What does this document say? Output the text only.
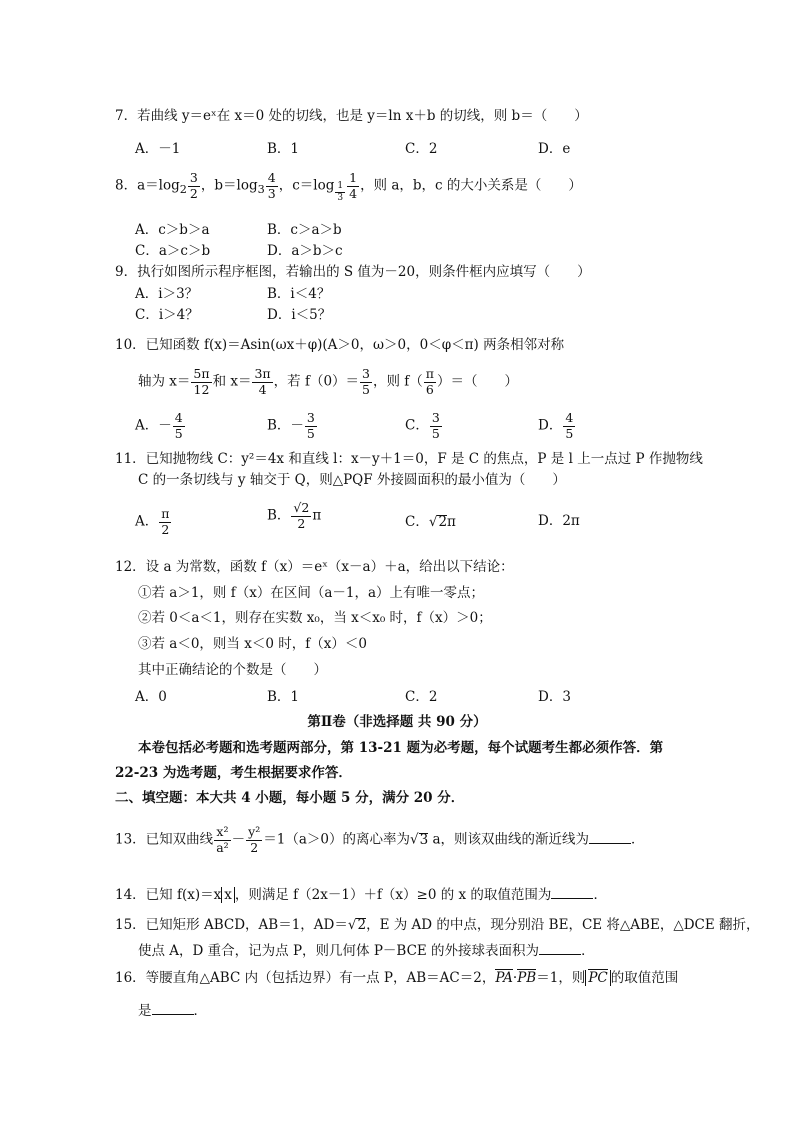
7．若曲线 y＝eˣ在 x＝0 处的切线，也是 y＝ln x＋b 的切线，则 b＝（　　）
A．－1	B．1	C．2	D．e
8．$a=\log_2 \frac{3}{2}$ ，$b=\log_3 \frac{4}{3}$ ，$c=\log \frac{1}{3} \frac{1}{4}$ ，则 a，b，c 的大小关系是（　　）
A．c＞b＞a	B．c＞a＞b
C．a＞c＞b	D．a＞b＞c
9．执行如图所示程序框图，若输出的 S 值为－20，则条件框内应填写（　　）
A．i＞3？	B．i＜4？
C．i＞4？	D．i＜5？
10．已知函数 f(x)＝Asin(ωx＋φ)(A＞0，ω＞0，0＜φ＜π) 两条相邻对称
轴为 $x= \frac{5\pi}{12}$ 和 $x= \frac{3\pi}{4}$ ，若 $f(0)= \frac{3}{5}$ ，则 $f( \frac{\pi}{6}$ ）＝（　　）
A．－ $\frac{4}{5}$	B．－ $\frac{3}{5}$	C． $\frac{3}{5}$	D． $\frac{4}{5}$
11．已知抛物线 C：y²＝4x 和直线 l：x－y＋1＝0，F 是 C 的焦点，P 是 l 上一点过 P 作抛物线
C 的一条切线与 y 轴交于 Q，则△PQF 外接圆面积的最小值为（　　）
A． $\frac{\pi}{2}$	B． $\frac{√2}{2}$ π	C．√2π	D．2π
12．设 a 为常数，函数 f（x）＝eˣ（x－a）＋a，给出以下结论：
①若 a＞1，则 f（x）在区间（a－1，a）上有唯一零点；
②若 0＜a＜1，则存在实数 x₀，当 x＜x₀ 时，f（x）＞0；
③若 a＜0，则当 x＜0 时，f（x）＜0
其中正确结论的个数是（　　）
A．0	B．1	C．2	D．3
第Ⅱ卷（非选择题 共 90 分）
本卷包括必考题和选考题两部分，第 13-21 题为必考题，每个试题考生都必须作答．第
22-23 为选考题，考生根据要求作答．
二、填空题：本大共 4 小题，每小题 5 分，满分 20 分．
13．已知双曲线 $\frac{\text{x²}}{\text{a²}} - \frac{\text{y²}}{2} =1(a>0)$的离心率为√3 a，则该双曲线的渐近线为	．
14．已知 f(x)＝x x ，则满足 f（2x－1）＋f（x）≥0 的 x 的取值范围为	．
15．已知矩形 ABCD，AB＝1，AD＝√2，E 为 AD 的中点，现分别沿 BE，CE 将△ABE，△DCE 翻折，
使点 A，D 重合，记为点 P，则几何体 P－BCE 的外接球表面积为	．
16．等腰直角△ABC 内（包括边界）有一点 P，AB＝AC＝2，PA·PB＝1，则 PC 的取值范围
是	．
